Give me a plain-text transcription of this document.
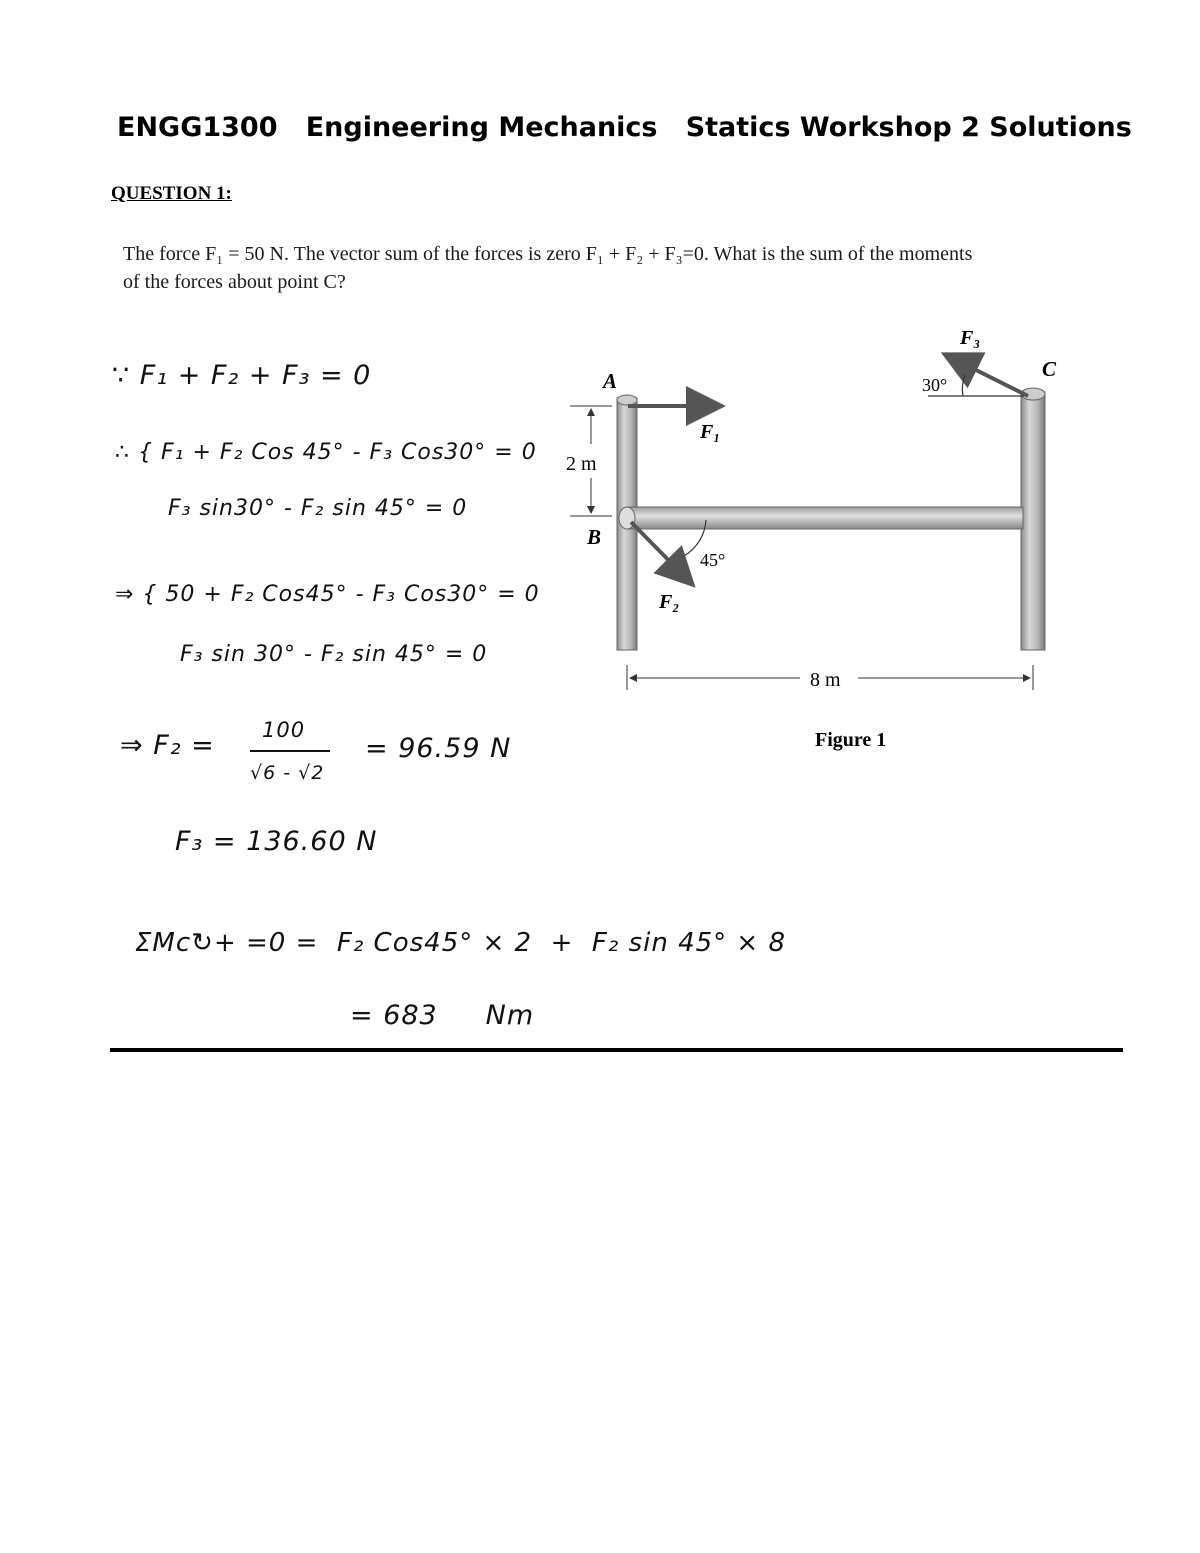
ENGG1300   Engineering Mechanics   Statics Workshop 2 Solutions
QUESTION 1:
The force F₁ = 50 N. The vector sum of the forces is zero F₁ + F₂ + F₃=0. What is the sum of the moments
of the forces about point C?
∵ F₁ + F₂ + F₃ = 0
∴ { F₁ + F₂ Cos 45° - F₃ Cos30° = 0
F₃ sin30° - F₂ sin 45° = 0
⇒ { 50 + F₂ Cos45° - F₃ Cos30° = 0
F₃ sin 30° - F₂ sin 45° = 0
⇒ F₂ = 100
√6 - √2
= 96.59 N
F₃ = 136.60 N
ΣMc↻+ =0 =  F₂ Cos45° × 2  +  F₂ sin 45° × 8
= 683     Nm
A
B
C
F₁
F₂
F₃
2 m
8 m
45°
30°
Figure 1
